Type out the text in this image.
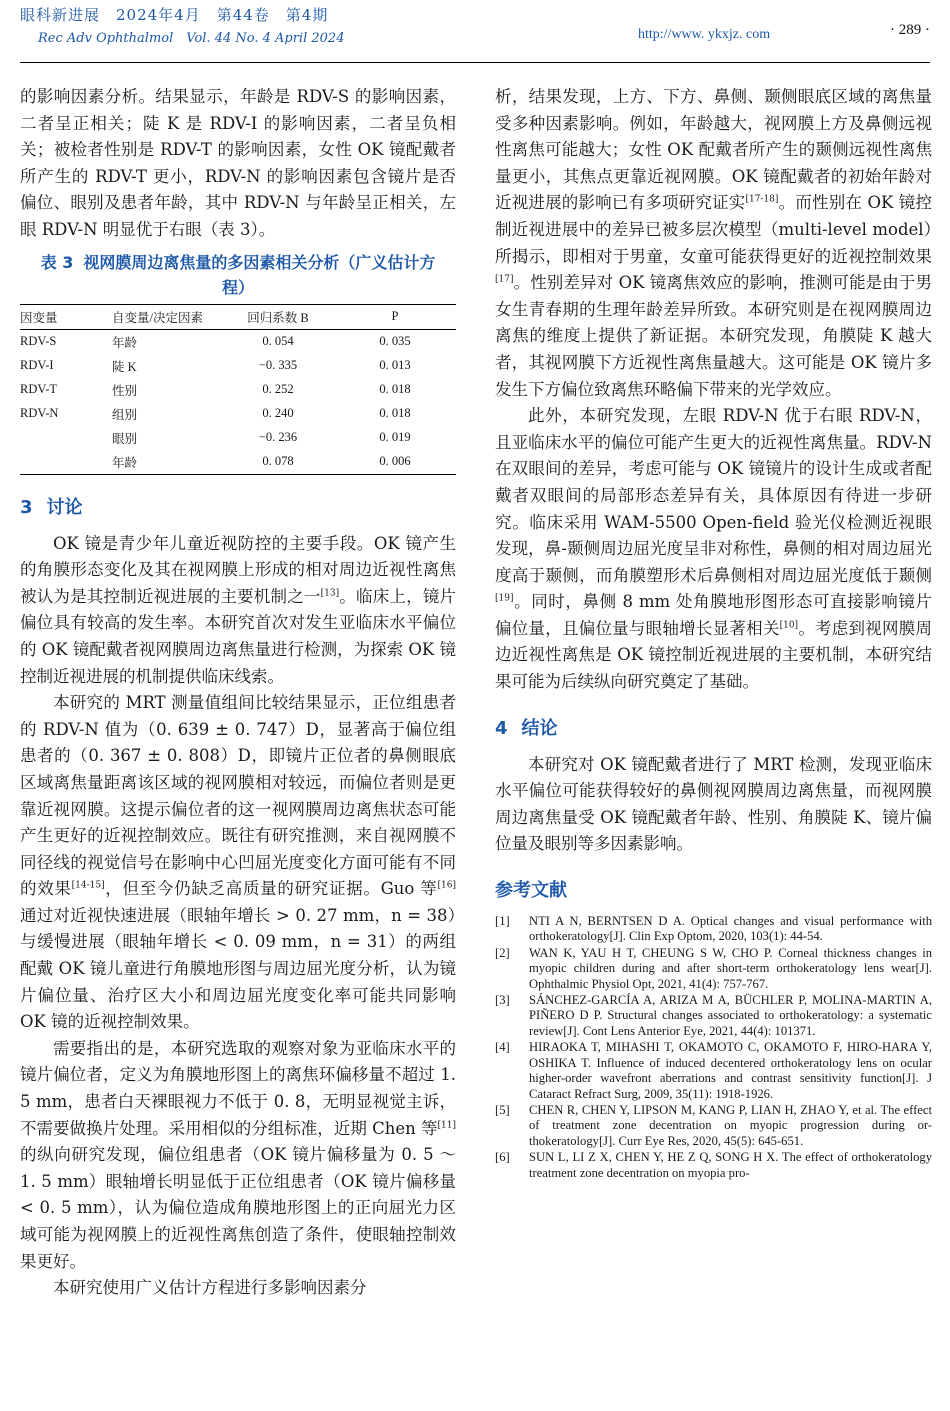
眼科新进展　2024年4月　第44卷　第4期
Rec Adv Ophthalmol　Vol. 44 No. 4 April 2024	http://www. ykxjz. com	· 289 ·

的影响因素分析。结果显示，年龄是 RDV-S 的影响因素，二者呈正相关；陡 K 是 RDV-I 的影响因素，二者呈负相关；被检者性别是 RDV-T 的影响因素，女性 OK 镜配戴者所产生的 RDV-T 更小，RDV-N 的影响因素包含镜片是否偏位、眼别及患者年龄，其中 RDV-N 与年龄呈正相关，左眼 RDV-N 明显优于右眼（表 3）。

表 3 视网膜周边离焦量的多因素相关分析（广义估计方程）
因变量	自变量/决定因素	回归系数 B	P
RDV-S	年龄	0. 054	0. 035
RDV-I	陡 K	−0. 335	0. 013
RDV-T	性别	0. 252	0. 018
RDV-N	组别	0. 240	0. 018
	眼别	−0. 236	0. 019
	年龄	0. 078	0. 006
3 讨论

OK 镜是青少年儿童近视防控的主要手段。OK 镜产生的角膜形态变化及其在视网膜上形成的相对周边近视性离焦被认为是其控制近视进展的主要机制之一[13]。临床上，镜片偏位具有较高的发生率。本研究首次对发生亚临床水平偏位的 OK 镜配戴者视网膜周边离焦量进行检测，为探索 OK 镜控制近视进展的机制提供临床线索。

本研究的 MRT 测量值组间比较结果显示，正位组患者的 RDV-N 值为（0. 639 ± 0. 747）D，显著高于偏位组患者的（0. 367 ± 0. 808）D，即镜片正位者的鼻侧眼底区域离焦量距离该区域的视网膜相对较远，而偏位者则是更靠近视网膜。这提示偏位者的这一视网膜周边离焦状态可能产生更好的近视控制效应。既往有研究推测，来自视网膜不同径线的视觉信号在影响中心凹屈光度变化方面可能有不同的效果[14-15]，但至今仍缺乏高质量的研究证据。Guo 等[16]通过对近视快速进展（眼轴年增长 > 0. 27 mm，n = 38）与缓慢进展（眼轴年增长 < 0. 09 mm，n = 31）的两组配戴 OK 镜儿童进行角膜地形图与周边屈光度分析，认为镜片偏位量、治疗区大小和周边屈光度变化率可能共同影响 OK 镜的近视控制效果。

需要指出的是，本研究选取的观察对象为亚临床水平的镜片偏位者，定义为角膜地形图上的离焦环偏移量不超过 1. 5 mm，患者白天裸眼视力不低于 0. 8，无明显视觉主诉，不需要做换片处理。采用相似的分组标准，近期 Chen 等[11]的纵向研究发现，偏位组患者（OK 镜片偏移量为 0. 5 ～ 1. 5 mm）眼轴增长明显低于正位组患者（OK 镜片偏移量 < 0. 5 mm），认为偏位造成角膜地形图上的正向屈光力区域可能为视网膜上的近视性离焦创造了条件，使眼轴控制效果更好。

本研究使用广义估计方程进行多影响因素分

析，结果发现，上方、下方、鼻侧、颞侧眼底区域的离焦量受多种因素影响。例如，年龄越大，视网膜上方及鼻侧远视性离焦可能越大；女性 OK 配戴者所产生的颞侧远视性离焦量更小，其焦点更靠近视网膜。OK 镜配戴者的初始年龄对近视进展的影响已有多项研究证实[17-18]。而性别在 OK 镜控制近视进展中的差异已被多层次模型（multi-level model）所揭示，即相对于男童，女童可能获得更好的近视控制效果[17]。性别差异对 OK 镜离焦效应的影响，推测可能是由于男女生青春期的生理年龄差异所致。本研究则是在视网膜周边离焦的维度上提供了新证据。本研究发现，角膜陡 K 越大者，其视网膜下方近视性离焦量越大。这可能是 OK 镜片多发生下方偏位致离焦环略偏下带来的光学效应。

此外，本研究发现，左眼 RDV-N 优于右眼 RDV-N，且亚临床水平的偏位可能产生更大的近视性离焦量。RDV-N 在双眼间的差异，考虑可能与 OK 镜镜片的设计生成或者配戴者双眼间的局部形态差异有关，具体原因有待进一步研究。临床采用 WAM-5500 Open-field 验光仪检测近视眼发现，鼻-颞侧周边屈光度呈非对称性，鼻侧的相对周边屈光度高于颞侧，而角膜塑形术后鼻侧相对周边屈光度低于颞侧[19]。同时，鼻侧 8 mm 处角膜地形图形态可直接影响镜片偏位量，且偏位量与眼轴增长显著相关[10]。考虑到视网膜周边近视性离焦是 OK 镜控制近视进展的主要机制，本研究结果可能为后续纵向研究奠定了基础。

4 结论

本研究对 OK 镜配戴者进行了 MRT 检测，发现亚临床水平偏位可能获得较好的鼻侧视网膜周边离焦量，而视网膜周边离焦量受 OK 镜配戴者年龄、性别、角膜陡 K、镜片偏位量及眼别等多因素影响。

参考文献
[1]	NTI A N, BERNTSEN D A. Optical changes and visual performance with orthokeratology[J]. Clin Exp Optom, 2020, 103(1): 44-54.
[2]	WAN K, YAU H T, CHEUNG S W, CHO P. Corneal thickness changes in myopic children during and after short-term orthokeratology lens wear[J]. Ophthalmic Physiol Opt, 2021, 41(4): 757-767.
[3]	SÁNCHEZ-GARCÍA A, ARIZA M A, BÜCHLER P, MOLINA-MARTIN A, PIÑERO D P. Structural changes associated to orthokeratology: a systematic review[J]. Cont Lens Anterior Eye, 2021, 44(4): 101371.
[4]	HIRAOKA T, MIHASHI T, OKAMOTO C, OKAMOTO F, HIRO-HARA Y, OSHIKA T. Influence of induced decentered orthokeratology lens on ocular higher-order wavefront aberrations and contrast sensitivity function[J]. J Cataract Refract Surg, 2009, 35(11): 1918-1926.
[5]	CHEN R, CHEN Y, LIPSON M, KANG P, LIAN H, ZHAO Y, et al. The effect of treatment zone decentration on myopic progression during or-thokeratology[J]. Curr Eye Res, 2020, 45(5): 645-651.
[6]	SUN L, LI Z X, CHEN Y, HE Z Q, SONG H X. The effect of orthokeratology treatment zone decentration on myopia pro-
